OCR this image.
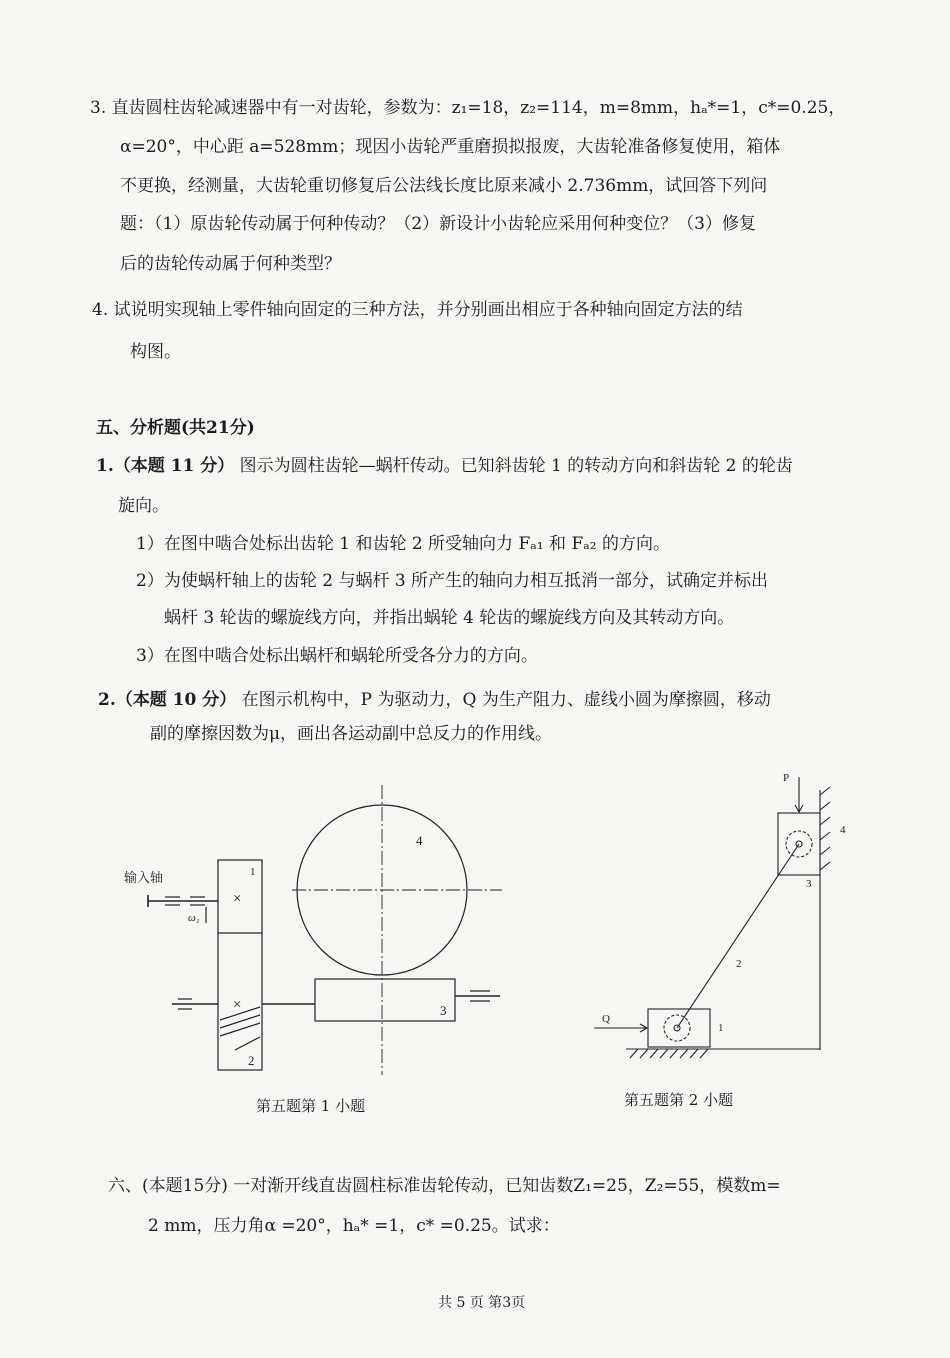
3. 直齿圆柱齿轮减速器中有一对齿轮，参数为：z₁=18，z₂=114，m=8mm，hₐ*=1，c*=0.25，
α=20°，中心距 a=528mm；现因小齿轮严重磨损拟报废，大齿轮准备修复使用，箱体
不更换，经测量，大齿轮重切修复后公法线长度比原来减小 2.736mm，试回答下列问
题：（1）原齿轮传动属于何种传动？（2）新设计小齿轮应采用何种变位？（3）修复
后的齿轮传动属于何种类型？
4. 试说明实现轴上零件轴向固定的三种方法，并分别画出相应于各种轴向固定方法的结
构图。
五、分析题(共21分)
1.（本题 11 分） 图示为圆柱齿轮—蜗杆传动。已知斜齿轮 1 的转动方向和斜齿轮 2 的轮齿
旋向。
1）在图中啮合处标出齿轮 1 和齿轮 2 所受轴向力 Fₐ₁ 和 Fₐ₂ 的方向。
2）为使蜗杆轴上的齿轮 2 与蜗杆 3 所产生的轴向力相互抵消一部分，试确定并标出
蜗杆 3 轮齿的螺旋线方向，并指出蜗轮 4 轮齿的螺旋线方向及其转动方向。
3）在图中啮合处标出蜗杆和蜗轮所受各分力的方向。
2.（本题 10 分） 在图示机构中，P 为驱动力，Q 为生产阻力、虚线小圆为摩擦圆，移动
副的摩擦因数为μ，画出各运动副中总反力的作用线。
4
×
×
1
2
输入轴
ω₁
3
第五题第 1 小题
4
3
P
2
1
Q
第五题第 2 小题
六、(本题15分) 一对渐开线直齿圆柱标准齿轮传动，已知齿数Z₁=25，Z₂=55，模数m=
2 mm，压力角α =20°，hₐ* =1，c* =0.25。试求：
共 5 页 第3页
